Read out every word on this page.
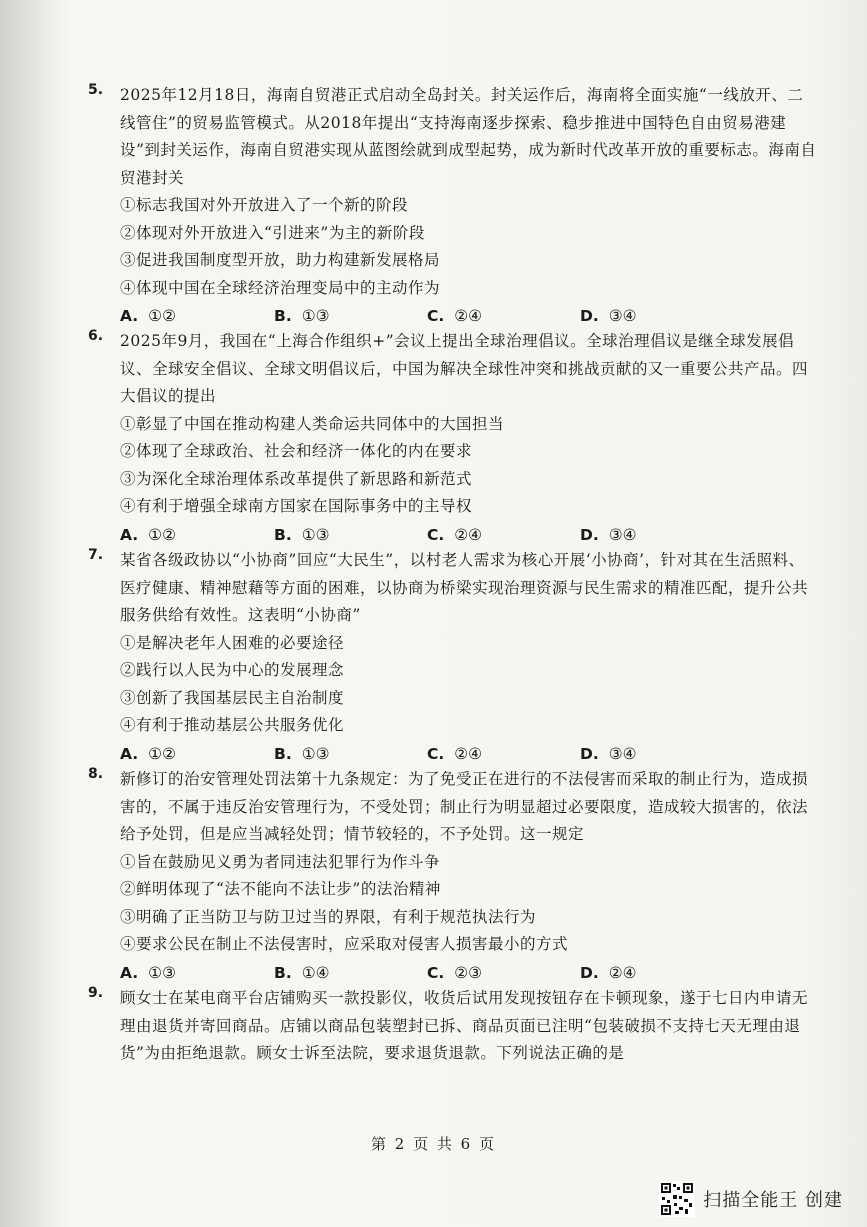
5.	2025年12月18日，海南自贸港正式启动全岛封关。封关运作后，海南将全面实施“一线放开、二线管住”的贸易监管模式。从2018年提出“支持海南逐步探索、稳步推进中国特色自由贸易港建设”到封关运作，海南自贸港实现从蓝图绘就到成型起势，成为新时代改革开放的重要标志。海南自贸港封关
①标志我国对外开放进入了一个新的阶段
②体现对外开放进入“引进来”为主的新阶段
③促进我国制度型开放，助力构建新发展格局
④体现中国在全球经济治理变局中的主动作为
A. ①②	B. ①③	C. ②④	D. ③④
6.	2025年9月，我国在“上海合作组织+”会议上提出全球治理倡议。全球治理倡议是继全球发展倡议、全球安全倡议、全球文明倡议后，中国为解决全球性冲突和挑战贡献的又一重要公共产品。四大倡议的提出
①彰显了中国在推动构建人类命运共同体中的大国担当
②体现了全球政治、社会和经济一体化的内在要求
③为深化全球治理体系改革提供了新思路和新范式
④有利于增强全球南方国家在国际事务中的主导权
A. ①②	B. ①③	C. ②④	D. ③④
7.	某省各级政协以“小协商”回应“大民生”，以村老人需求为核心开展‘小协商’，针对其在生活照料、医疗健康、精神慰藉等方面的困难，以协商为桥梁实现治理资源与民生需求的精准匹配，提升公共服务供给有效性。这表明“小协商”
①是解决老年人困难的必要途径
②践行以人民为中心的发展理念
③创新了我国基层民主自治制度
④有利于推动基层公共服务优化
A. ①②	B. ①③	C. ②④	D. ③④
8.	新修订的治安管理处罚法第十九条规定：为了免受正在进行的不法侵害而采取的制止行为，造成损害的，不属于违反治安管理行为，不受处罚；制止行为明显超过必要限度，造成较大损害的，依法给予处罚，但是应当减轻处罚；情节较轻的，不予处罚。这一规定
①旨在鼓励见义勇为者同违法犯罪行为作斗争
②鲜明体现了“法不能向不法让步”的法治精神
③明确了正当防卫与防卫过当的界限，有利于规范执法行为
④要求公民在制止不法侵害时，应采取对侵害人损害最小的方式
A. ①③	B. ①④	C. ②③	D. ②④
9.	顾女士在某电商平台店铺购买一款投影仪，收货后试用发现按钮存在卡顿现象，遂于七日内申请无理由退货并寄回商品。店铺以商品包装塑封已拆、商品页面已注明“包装破损不支持七天无理由退货”为由拒绝退款。顾女士诉至法院，要求退货退款。下列说法正确的是
第 2 页 共 6 页
扫描全能王 创建
